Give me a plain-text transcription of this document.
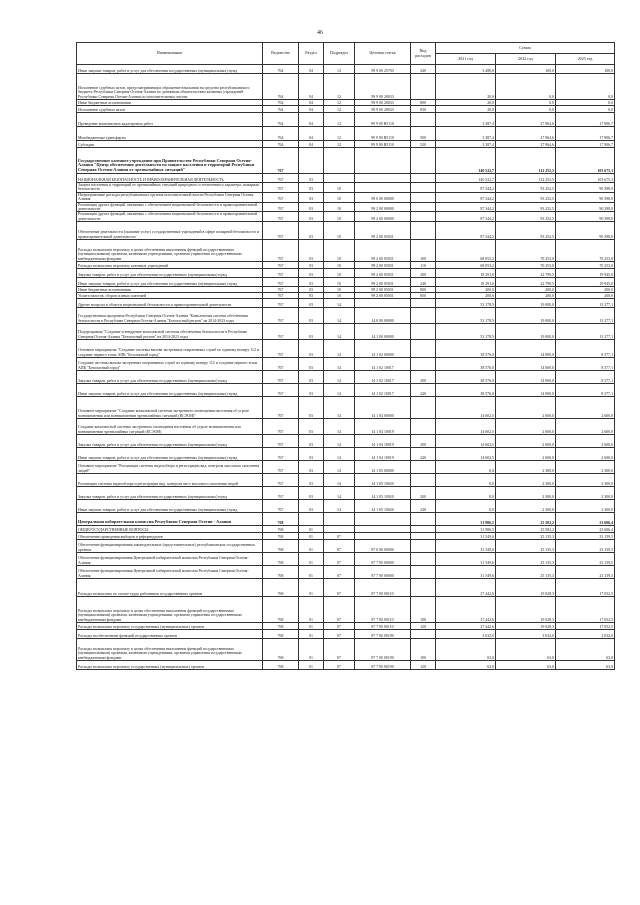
46
Наименование	Ведомство	Раздел	Подраздел	Целевая статья	Вид расходов	Сумма		
						2021 год	2022 год	2023 год
Иные закупки товаров, работ и услуг для обеспечения государственных (муниципальных) нужд	764	04	12	99 9 00 25703	240	3 480,0	100,0	100,0
Исполнение судебных актов, предусматривающих обращение взыскания на средства республиканского бюджета Республики Северная Осетия-Алания по денежным обязательствам казенных учреждений Республики Северная Осетия-Алания по исполнительным листам	764	04	12	99 9 00 28033		20,0	0,0	0,0
Иные бюджетные ассигнования	764	04	12	99 9 00 28033	800	20,0	0,0	0,0
Исполнение судебных актов	764	04	12	99 9 00 28033	830	20,0	0,0	0,0
Проведение комплексных кадастровых работ	764	04	12	99 9 00 R5110		3 387,4	27 964,6	17 906,7
Межбюджетные трансферты	764	04	12	99 9 00 R5110	500	3 387,4	27 964,6	17 906,7
Субсидии	764	04	12	99 9 00 R5110	520	3 387,4	27 964,6	17 906,7
Государственное казенное учреждение при Правительстве Республики Северная Осетия-Алания "Центр обеспечения деятельности по защите населения и территорий Республики Северная Осетия-Алания от чрезвычайных ситуаций"	767					140 522,7	112 252,5	103 675,1
НАЦИОНАЛЬНАЯ БЕЗОПАСНОСТЬ И ПРАВООХРАНИТЕЛЬНАЯ ДЕЯТЕЛЬНОСТЬ	767	03				140 522,7	112 252,5	103 675,1
Защита населения и территорий от чрезвычайных ситуаций природного и техногенного характера, пожарная безопасность	767	03	10			87 344,2	93 252,5	90 398,0
Непрограммные расходы республиканских органов исполнительной власти Республики Северная Осетия-Алания	767	03	10	99 0 00 00000		87 344,2	93 252,5	90 398,0
Реализация других функций, связанных с обеспечением национальной безопасности и правоохранительной деятельности	767	03	10	99 2 00 00000		87 344,2	93 252,5	90 398,0
Реализация других функций, связанных с обеспечением национальной безопасности и правоохранительной деятельности	767	03	10	99 2 00 00000		87 344,2	93 252,5	90 398,0
Обеспечение деятельности (оказание услуг) государственных учреждений в сфере пожарной безопасности и правоохранительной деятельности	767	03	10	99 2 00 05031		87 344,2	93 252,5	90 398,0
Расходы на выплаты персоналу в целях обеспечения выполнения функций государственными (муниципальными) органами, казенными учреждениями, органами управления государственными внебюджетными фондами	767	03	10	99 2 00 05031	100	68 053,2	70 253,0	70 253,0
Расходы на выплаты персоналу казенных учреждений	767	03	10	99 2 00 05031	110	68 053,2	70 253,0	70 253,0
Закупка товаров, работ и услуг для обеспечения государственных (муниципальных) нужд	767	03	10	99 2 00 05031	200	18 291,0	22 799,5	19 945,0
Иные закупки товаров, работ и услуг для обеспечения государственных (муниципальных) нужд	767	03	10	99 2 00 05031	240	18 291,0	22 799,5	19 945,0
Иные бюджетные ассигнования	767	03	10	99 2 00 05031	800	200,0	200,0	200,0
Уплата налогов, сборов и иных платежей	767	03	10	99 2 00 05031	850	200,0	200,0	200,0
Другие вопросы в области национальной безопасности и правоохранительной деятельности	767	03	14			53 178,5	19 000,0	13 277,1
Государственная программа Республики Северная Осетия-Алания "Комплексная система обеспечения безопасности в Республике Северная Осетия-Алания "Безопасный регион" на 2014-2023 годы	767	03	14	14 0 00 00000		53 178,5	19 000,0	13 277,1
Подпрограмма "Создание и внедрение комплексной системы обеспечения безопасности в Республике Северная Осетия-Алания "Безопасный регион" на 2014-2023 годы	767	03	14	14 1 00 00000		53 178,5	19 000,0	13 277,1
Основное мероприятие "Создание системы вызова экстренных оперативных служб по единому номеру 112 и создание первого этапа АПК "Безопасный город"	767	03	14	14 1 02 00000		38 576,0	14 000,0	8 377,1
Создание системы вызова экстренных оперативных служб по единому номеру 112 и создание первого этапа АПК "Безопасный город"	767	03	14	14 1 02 10017		38 576,0	14 000,0	8 377,1
Закупка товаров, работ и услуг для обеспечения государственных (муниципальных) нужд	767	03	14	14 1 02 10017	200	38 576,0	14 000,0	8 377,1
Иные закупки товаров, работ и услуг для обеспечения государственных (муниципальных) нужд	767	03	14	14 1 02 10017	240	38 576,0	14 000,0	8 377,1
Основное мероприятие "Создание комплексной системы экстренного оповещения населения об угрозе возникновения или возникновении чрезвычайных ситуаций (КСЭОН)"	767	03	14	14 1 04 00000		14 602,5	2 600,0	2 600,0
Создание комплексной системы экстренного оповещения населения об угрозе возникновения или возникновении чрезвычайных ситуаций (КСЭОН)	767	03	14	14 1 04 10019		14 602,5	2 600,0	2 600,0
Закупка товаров, работ и услуг для обеспечения государственных (муниципальных) нужд	767	03	14	14 1 04 10019	200	14 602,5	2 600,0	2 600,0
Иные закупки товаров, работ и услуг для обеспечения государственных (муниципальных) нужд	767	03	14	14 1 04 10019	240	14 602,5	2 600,0	2 600,0
Основное мероприятие "Реализация системы видеообзора и регистрации вид. контроля массового скопления людей"	767	03	14	14 1 05 00000		0,0	2 300,0	2 300,0
Реализация системы видеообзора и регистрации вид. контроля мест массового скопления людей	767	03	14	14 1 05 10020		0,0	2 300,0	2 300,0
Закупка товаров, работ и услуг для обеспечения государственных (муниципальных) нужд	767	03	14	14 1 05 10020	200	0,0	2 300,0	2 300,0
Иные закупки товаров, работ и услуг для обеспечения государственных (муниципальных) нужд	767	03	14	14 1 05 10020	240	0,0	2 300,0	2 300,0
Центральная избирательная комиссия Республики Северная Осетия - Алания	768					31 986,5	25 582,2	23 606,4
ОБЩЕГОСУДАРСТВЕННЫЕ ВОПРОСЫ	768	01				31 986,5	25 582,2	23 606,4
Обеспечение проведения выборов и референдумов	768	01	07			31 549,6	25 135,3	23 159,5
Обеспечение функционирования законодательных (представительных) республиканских государственных органов	768	01	07	87 0 00 00000		31 549,6	25 135,3	23 159,5
Обеспечение функционирования Центральной избирательной комиссии Республики Северная Осетия-Алания	768	01	07	87 7 00 00000		31 549,6	25 135,3	23 159,5
Обеспечение функционирования Центральной избирательной комиссии Республики Северная Осетия-Алания	768	01	07	87 7 00 00000		31 549,6	25 135,3	23 159,5
Расходы на выплаты по оплате труда работников государственных органов	768	01	07	87 7 00 00110		27 442,6	19 028,3	17 052,5
Расходы на выплаты персоналу в целях обеспечения выполнения функций государственными (муниципальными) органами, казенными учреждениями, органами управления государственными внебюджетными фондами	768	01	07	87 7 00 00110	100	27 442,6	19 028,3	17 052,5
Расходы на выплаты персоналу государственных (муниципальных) органов	768	01	07	87 7 00 00110	120	27 442,6	19 028,3	17 052,5
Расходы на обеспечение функций государственных органов	768	01	07	87 7 00 00190		3 032,0	3 032,0	3 032,0
Расходы на выплаты персоналу в целях обеспечения выполнения функций государственными (муниципальными) органами, казенными учреждениями, органами управления государственными внебюджетными фондами	768	01	07	87 7 00 00190	100	63,0	63,0	63,0
Расходы на выплаты персоналу государственных (муниципальных) органов	768	01	07	87 7 00 00190	120	63,0	63,0	63,0
